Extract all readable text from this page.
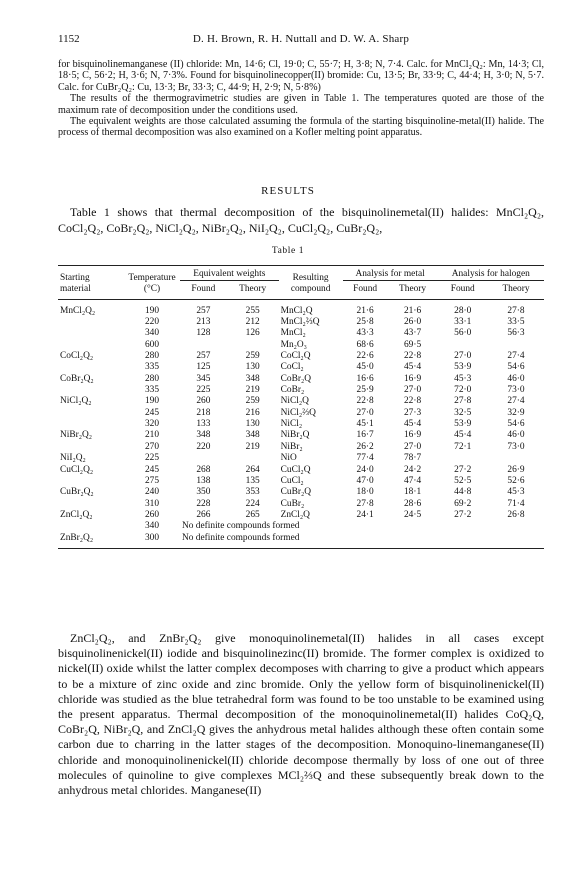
1152	D. H. Brown, R. H. Nuttall and D. W. A. Sharp

for bisquinolinemanganese (II) chloride: Mn, 14·6; Cl, 19·0; C, 55·7; H, 3·8; N, 7·4. Calc. for MnCl₂Q₂: Mn, 14·3; Cl, 18·5; C, 56·2; H, 3·6; N, 7·3%. Found for bisquinolinecopper(II) bromide: Cu, 13·5; Br, 33·9; C, 44·4; H, 3·0; N, 5·7. Calc. for CuBr₂Q₂: Cu, 13·3; Br, 33·3; C, 44·9; H, 2·9; N, 5·8%)

The results of the thermogravimetric studies are given in Table 1. The temperatures quoted are those of the maximum rate of decomposition under the conditions used.

The equivalent weights are those calculated assuming the formula of the starting bisquinoline-metal(II) halide. The process of thermal decomposition was also examined on a Kofler melting point apparatus.

RESULTS

Table 1 shows that thermal decomposition of the bisquinolinemetal(II) halides: MnCl₂Q₂, CoCl₂Q₂, CoBr₂Q₂, NiCl₂Q₂, NiBr₂Q₂, NiI₂Q₂, CuCl₂Q₂, CuBr₂Q₂,

Table 1
Starting material	Temperature (°C)	Equivalent weights		Resulting compound	Analysis for metal		Analysis for halogen	
		Found	Theory		Found	Theory	Found	Theory
MnCl₂Q₂	190	257	255	MnCl₂Q	21·6	21·6	28·0	27·8
	220	213	212	MnCl₂⅔Q	25·8	26·0	33·1	33·5
	340	128	126	MnCl₂	43·3	43·7	56·0	56·3
	600			Mn₂O₃	68·6	69·5		
CoCl₂Q₂	280	257	259	CoCl₂Q	22·6	22·8	27·0	27·4
	335	125	130	CoCl₂	45·0	45·4	53·9	54·6
CoBr₂Q₂	280	345	348	CoBr₂Q	16·6	16·9	45·3	46·0
	335	225	219	CoBr₂	25·9	27·0	72·0	73·0
NiCl₂Q₂	190	260	259	NiCl₂Q	22·8	22·8	27·8	27·4
	245	218	216	NiCl₂⅔Q	27·0	27·3	32·5	32·9
	320	133	130	NiCl₂	45·1	45·4	53·9	54·6
NiBr₂Q₂	210	348	348	NiBr₂Q	16·7	16·9	45·4	46·0
	270	220	219	NiBr₂	26·2	27·0	72·1	73·0
NiI₂Q₂	225			NiO	77·4	78·7		
CuCl₂Q₂	245	268	264	CuCl₂Q	24·0	24·2	27·2	26·9
	275	138	135	CuCl₂	47·0	47·4	52·5	52·6
CuBr₂Q₂	240	350	353	CuBr₂Q	18·0	18·1	44·8	45·3
	310	228	224	CuBr₂	27·8	28·6	69·2	71·4
ZnCl₂Q₂	260	266	265	ZnCl₂Q	24·1	24·5	27·2	26·8
	340	No definite compounds formed						
ZnBr₂Q₂	300	No definite compounds formed						

ZnCl₂Q₂, and ZnBr₂Q₂ give monoquinolinemetal(II) halides in all cases except bisquinolinenickel(II) iodide and bisquinolinezinc(II) bromide. The former complex is oxidized to nickel(II) oxide whilst the latter complex decomposes with charring to give a product which appears to be a mixture of zinc oxide and zinc bromide. Only the yellow form of bisquinolinenickel(II) chloride was studied as the blue tetrahedral form was found to be too unstable to be examined using the present apparatus. Thermal decomposition of the monoquinolinemetal(II) halides CoQ₂Q, CoBr₂Q, NiBr₂Q, and ZnCl₂Q gives the anhydrous metal halides although these often contain some carbon due to charring in the latter stages of the decomposition. Monoquino-linemanganese(II) chloride and monoquinolinenickel(II) chloride decompose thermally by loss of one out of three molecules of quinoline to give complexes MCl₂⅔Q and these subsequently break down to the anhydrous metal chlorides. Manganese(II)
